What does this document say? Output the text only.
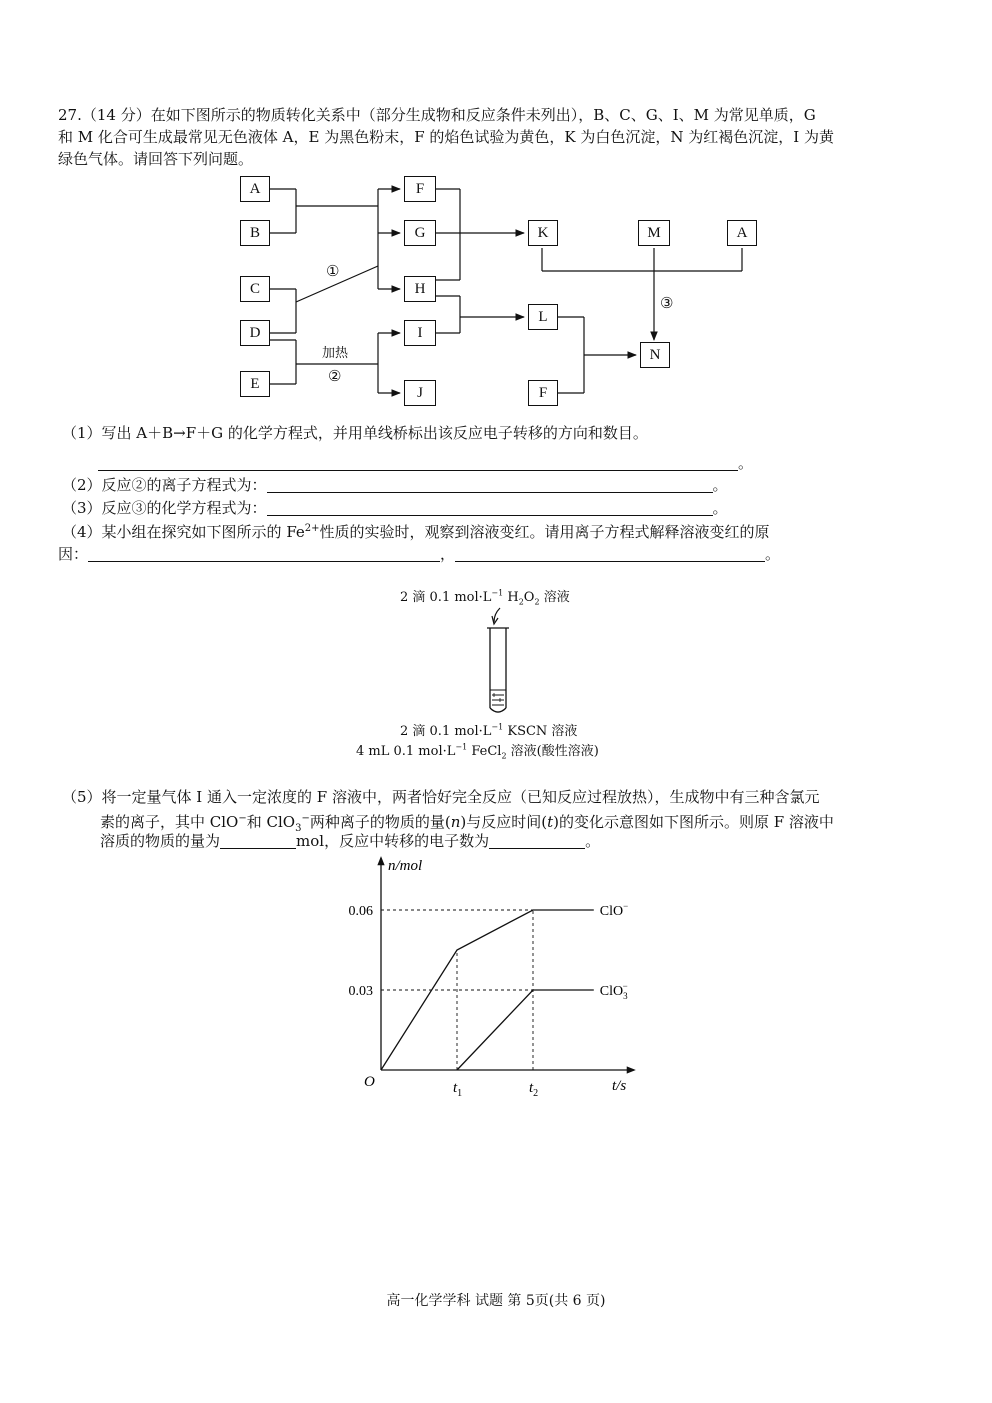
27.（14 分）在如下图所示的物质转化关系中（部分生成物和反应条件未列出），B、C、G、I、M 为常见单质，G
和 M 化合可生成最常见无色液体 A，E 为黑色粉末，F 的焰色试验为黄色，K 为白色沉淀，N 为红褐色沉淀，I 为黄
绿色气体。请回答下列问题。
A
B
C
D
E
F
G
H
I
J
K	M	A
L
F
N
①
加热
②
③
（1）写出 A＋B→F＋G 的化学方程式，并用单线桥标出该反应电子转移的方向和数目。
。
（2）反应②的离子方程式为：	。
（3）反应③的化学方程式为：	。
（4）某小组在探究如下图所示的 $Fe^{2+}$性质的实验时，观察到溶液变红。请用离子方程式解释溶液变红的原
因：	，	。
2 滴 0.1 $mol\cdot L^{-1}$ $H_2O_2$ 溶液
2 滴 0.1 $mol\cdot L^{-1}$ KSCN 溶液
4 mL 0.1 $mol\cdot L^{-1}$ FeCl$_2$ 溶液(酸性溶液)
（5）将一定量气体 I 通入一定浓度的 F 溶液中，两者恰好完全反应（已知反应过程放热），生成物中有三种含氯元
素的离子，其中 ClO−和 ClO$_3$−两种离子的物质的量(n)与反应时间(t)的变化示意图如下图所示。则原 F 溶液中
溶质的物质的量为	mol，反应中转移的电子数为	。
n/mol
t/s
O
0.03
0.06
$t_1$	$t_2$
ClO−
ClO$_3$−
高一化学学科 试题 第 5页(共 6 页)
